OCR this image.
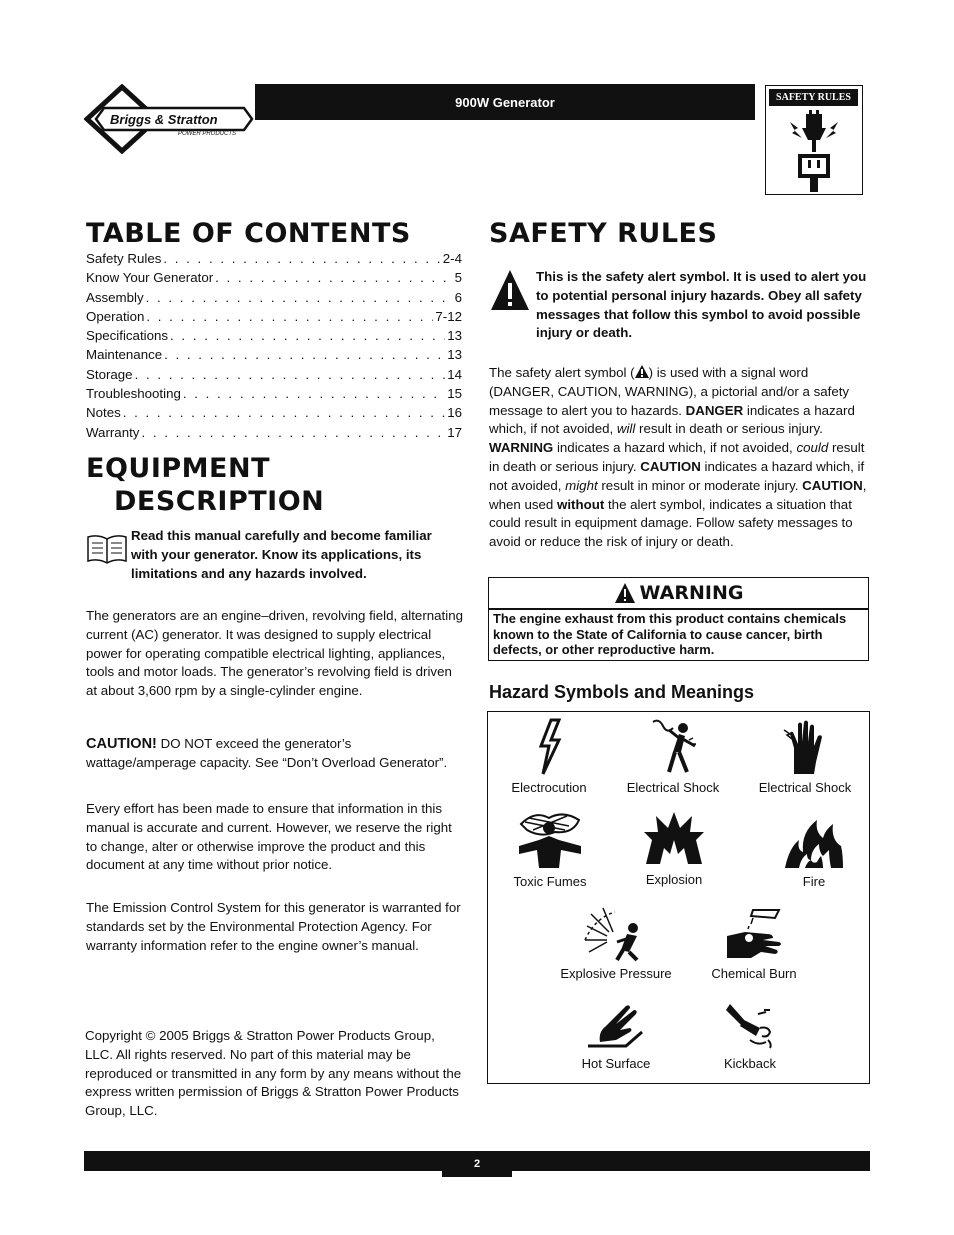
Briggs & Stratton
POWER PRODUCTS
900W Generator	SAFETY RULES
TABLE OF CONTENTS
Safety Rules . . .	2-4
Know Your Generator . . .	5
Assembly . . .	6
Operation . . .	7-12
Specifications . . .	13
Maintenance . . .	13
Storage . . .	14
Troubleshooting . . .	15
Notes . . .	16
Warranty . . .	17
EQUIPMENT
DESCRIPTION
Read this manual carefully and become familiar with your generator. Know its applications, its limitations and any hazards involved.
The generators are an engine–driven, revolving field, alternating current (AC) generator. It was designed to supply electrical power for operating compatible electrical lighting, appliances, tools and motor loads. The generator’s revolving field is driven at about 3,600 rpm by a single-cylinder engine.
CAUTION! DO NOT exceed the generator’s wattage/amperage capacity. See “Don’t Overload Generator”.
Every effort has been made to ensure that information in this manual is accurate and current. However, we reserve the right to change, alter or otherwise improve the product and this document at any time without prior notice.
The Emission Control System for this generator is warranted for standards set by the Environmental Protection Agency. For warranty information refer to the engine owner’s manual.
Copyright © 2005 Briggs & Stratton Power Products Group, LLC. All rights reserved. No part of this material may be reproduced or transmitted in any form by any means without the express written permission of Briggs & Stratton Power Products Group, LLC.
SAFETY RULES
This is the safety alert symbol. It is used to alert you to potential personal injury hazards. Obey all safety messages that follow this symbol to avoid possible injury or death.
The safety alert symbol ( ) is used with a signal word (DANGER, CAUTION, WARNING), a pictorial and/or a safety message to alert you to hazards. DANGER indicates a hazard which, if not avoided, will result in death or serious injury. WARNING indicates a hazard which, if not avoided, could result in death or serious injury. CAUTION indicates a hazard which, if not avoided, might result in minor or moderate injury. CAUTION, when used without the alert symbol, indicates a situation that could result in equipment damage. Follow safety messages to avoid or reduce the risk of injury or death.
WARNING
The engine exhaust from this product contains chemicals known to the State of California to cause cancer, birth defects, or other reproductive harm.
Hazard Symbols and Meanings
Electrocution	Electrical Shock	Electrical Shock
Toxic Fumes	Explosion	Fire
Explosive Pressure	Chemical Burn
Hot Surface	Kickback
2
